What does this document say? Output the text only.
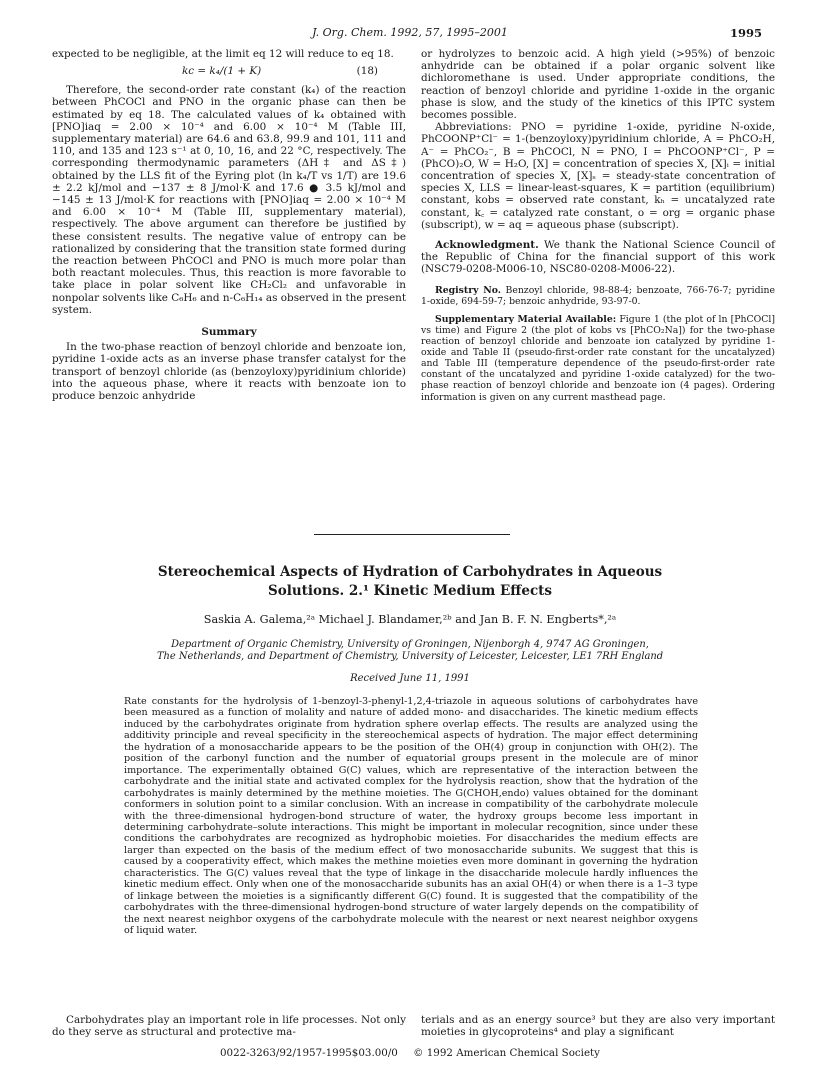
J. Org. Chem. 1992, 57, 1995–2001	1995

expected to be negligible, at the limit eq 12 will reduce to eq 18.

k​c = k₄/(1 + K)	(18)

Therefore, the second-order rate constant (k₄) of the reaction between PhCOCl and PNO in the organic phase can then be estimated by eq 18. The calculated values of k₄ obtained with [PNO]iaq = 2.00 × 10⁻⁴ and 6.00 × 10⁻⁴ M (Table III, supplementary material) are 64.6 and 63.8, 99.9 and 101, 111 and 110, and 135 and 123 s⁻¹ at 0, 10, 16, and 22 °C, respectively. The corresponding thermodynamic parameters (ΔH‡ and ΔS‡) obtained by the LLS fit of the Eyring plot (ln k₄/T vs 1/T) are 19.6 ± 2.2 kJ/mol and −137 ± 8 J/mol·K and 17.6 ● 3.5 kJ/mol and −145 ± 13 J/mol·K for reactions with [PNO]iaq = 2.00 × 10⁻⁴ M and 6.00 × 10⁻⁴ M (Table III, supplementary material), respectively. The above argument can therefore be justified by these consistent results. The negative value of entropy can be rationalized by considering that the transition state formed during the reaction between PhCOCl and PNO is much more polar than both reactant molecules. Thus, this reaction is more favorable to take place in polar solvent like CH₂Cl₂ and unfavorable in nonpolar solvents like C₆H₆ and n-C₆H₁₄ as observed in the present system.

Summary

In the two-phase reaction of benzoyl chloride and benzoate ion, pyridine 1-oxide acts as an inverse phase transfer catalyst for the transport of benzoyl chloride (as (benzoyloxy)pyridinium chloride) into the aqueous phase, where it reacts with benzoate ion to produce benzoic anhydride

or hydrolyzes to benzoic acid. A high yield (>95%) of benzoic anhydride can be obtained if a polar organic solvent like dichloromethane is used. Under appropriate conditions, the reaction of benzoyl chloride and pyridine 1-oxide in the organic phase is slow, and the study of the kinetics of this IPTC system becomes possible.

Abbreviations: PNO = pyridine 1-oxide, pyridine N-oxide, PhCOONP⁺Cl⁻ = 1-(benzoyloxy)pyridinium chloride, A = PhCO₂H, A⁻ = PhCO₂⁻, B = PhCOCl, N = PNO, I = PhCOONP⁺Cl⁻, P = (PhCO)₂O, W = H₂O, [X] = concentration of species X, [X]ᵢ = initial concentration of species X, [X]ₛ = steady-state concentration of species X, LLS = linear-least-squares, K = partition (equilibrium) constant, kobs = observed rate constant, kₕ = uncatalyzed rate constant, k꜀ = catalyzed rate constant, o = org = organic phase (subscript), w = aq = aqueous phase (subscript).

Acknowledgment. We thank the National Science Council of the Republic of China for the financial support of this work (NSC79-0208-M006-10, NSC80-0208-M006-22).

Registry No. Benzoyl chloride, 98-88-4; benzoate, 766-76-7; pyridine 1-oxide, 694-59-7; benzoic anhydride, 93-97-0.

Supplementary Material Available: Figure 1 (the plot of ln [PhCOCl] vs time) and Figure 2 (the plot of kobs vs [PhCO₂Na]) for the two-phase reaction of benzoyl chloride and benzoate ion catalyzed by pyridine 1-oxide and Table II (pseudo-first-order rate constant for the uncatalyzed) and Table III (temperature dependence of the pseudo-first-order rate constant of the uncatalyzed and pyridine 1-oxide catalyzed) for the two-phase reaction of benzoyl chloride and benzoate ion (4 pages). Ordering information is given on any current masthead page.

Stereochemical Aspects of Hydration of Carbohydrates in Aqueous
Solutions. 2.¹ Kinetic Medium Effects
Saskia A. Galema,²ᵃ Michael J. Blandamer,²ᵇ and Jan B. F. N. Engberts*,²ᵃ
Department of Organic Chemistry, University of Groningen, Nijenborgh 4, 9747 AG Groningen,
The Netherlands, and Department of Chemistry, University of Leicester, Leicester, LE1 7RH England
Received June 11, 1991
Rate constants for the hydrolysis of 1-benzoyl-3-phenyl-1,2,4-triazole in aqueous solutions of carbohydrates have been measured as a function of molality and nature of added mono- and disaccharides. The kinetic medium effects induced by the carbohydrates originate from hydration sphere overlap effects. The results are analyzed using the additivity principle and reveal specificity in the stereochemical aspects of hydration. The major effect determining the hydration of a monosaccharide appears to be the position of the OH(4) group in conjunction with OH(2). The position of the carbonyl function and the number of equatorial groups present in the molecule are of minor importance. The experimentally obtained G(C) values, which are representative of the interaction between the carbohydrate and the initial state and activated complex for the hydrolysis reaction, show that the hydration of the carbohydrates is mainly determined by the methine moieties. The G(CHOH,endo) values obtained for the dominant conformers in solution point to a similar conclusion. With an increase in compatibility of the carbohydrate molecule with the three-dimensional hydrogen-bond structure of water, the hydroxy groups become less important in determining carbohydrate–solute interactions. This might be important in molecular recognition, since under these conditions the carbohydrates are recognized as hydrophobic moieties. For disaccharides the medium effects are larger than expected on the basis of the medium effect of two monosaccharide subunits. We suggest that this is caused by a cooperativity effect, which makes the methine moieties even more dominant in governing the hydration characteristics. The G(C) values reveal that the type of linkage in the disaccharide molecule hardly influences the kinetic medium effect. Only when one of the monosaccharide subunits has an axial OH(4) or when there is a 1–3 type of linkage between the moieties is a significantly different G(C) found. It is suggested that the compatibility of the carbohydrates with the three-dimensional hydrogen-bond structure of water largely depends on the compatibility of the next nearest neighbor oxygens of the carbohydrate molecule with the nearest or next nearest neighbor oxygens of liquid water.

Carbohydrates play an important role in life processes. Not only do they serve as structural and protective ma-

terials and as an energy source³ but they are also very important moieties in glycoproteins⁴ and play a significant

0022-3263/92/1957-1995$03.00/0 © 1992 American Chemical Society
